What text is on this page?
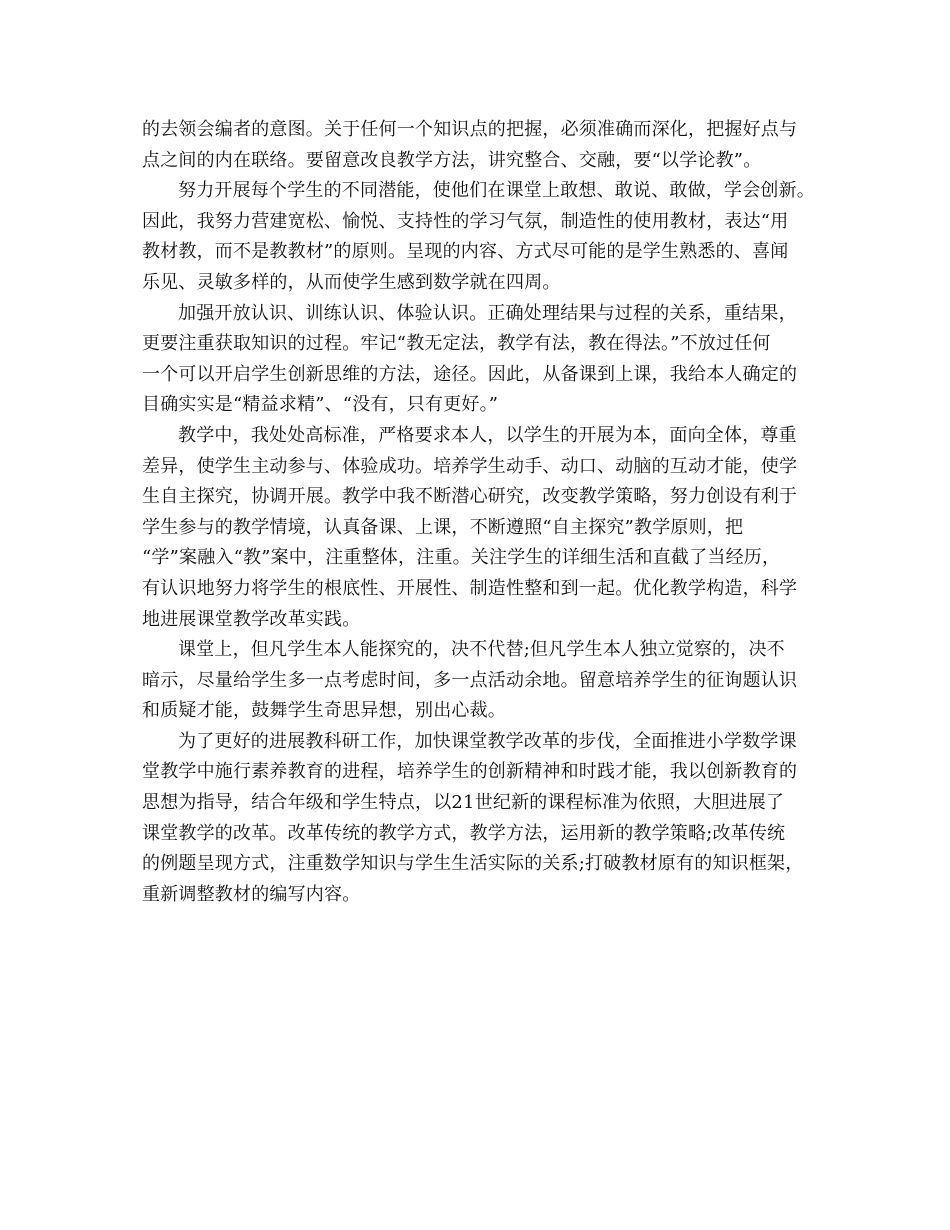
的去领会编者的意图。关于任何一个知识点的把握，必须准确而深化，把握好点与
点之间的内在联络。要留意改良教学方法，讲究整合、交融，要“以学论教”。
努力开展每个学生的不同潜能，使他们在课堂上敢想、敢说、敢做，学会创新。
因此，我努力营建宽松、愉悦、支持性的学习气氛，制造性的使用教材，表达“用
教材教，而不是教教材”的原则。呈现的内容、方式尽可能的是学生熟悉的、喜闻
乐见、灵敏多样的，从而使学生感到数学就在四周。
加强开放认识、训练认识、体验认识。正确处理结果与过程的关系，重结果，
更要注重获取知识的过程。牢记“教无定法，教学有法，教在得法。”不放过任何
一个可以开启学生创新思维的方法，途径。因此，从备课到上课，我给本人确定的
目确实实是“精益求精”、“没有，只有更好。”
教学中，我处处高标准，严格要求本人，以学生的开展为本，面向全体，尊重
差异，使学生主动参与、体验成功。培养学生动手、动口、动脑的互动才能，使学
生自主探究，协调开展。教学中我不断潜心研究，改变教学策略，努力创设有利于
学生参与的教学情境，认真备课、上课，不断遵照“自主探究”教学原则，把
“学”案融入“教”案中，注重整体，注重。关注学生的详细生活和直截了当经历，
有认识地努力将学生的根底性、开展性、制造性整和到一起。优化教学构造，科学
地进展课堂教学改革实践。
课堂上，但凡学生本人能探究的，决不代替;但凡学生本人独立觉察的，决不
暗示，尽量给学生多一点考虑时间，多一点活动余地。留意培养学生的征询题认识
和质疑才能，鼓舞学生奇思异想，别出心裁。
为了更好的进展教科研工作，加快课堂教学改革的步伐，全面推进小学数学课
堂教学中施行素养教育的进程，培养学生的创新精神和时践才能，我以创新教育的
思想为指导，结合年级和学生特点，以21世纪新的课程标准为依照，大胆进展了
课堂教学的改革。改革传统的教学方式，教学方法，运用新的教学策略;改革传统
的例题呈现方式，注重数学知识与学生生活实际的关系;打破教材原有的知识框架，
重新调整教材的编写内容。
